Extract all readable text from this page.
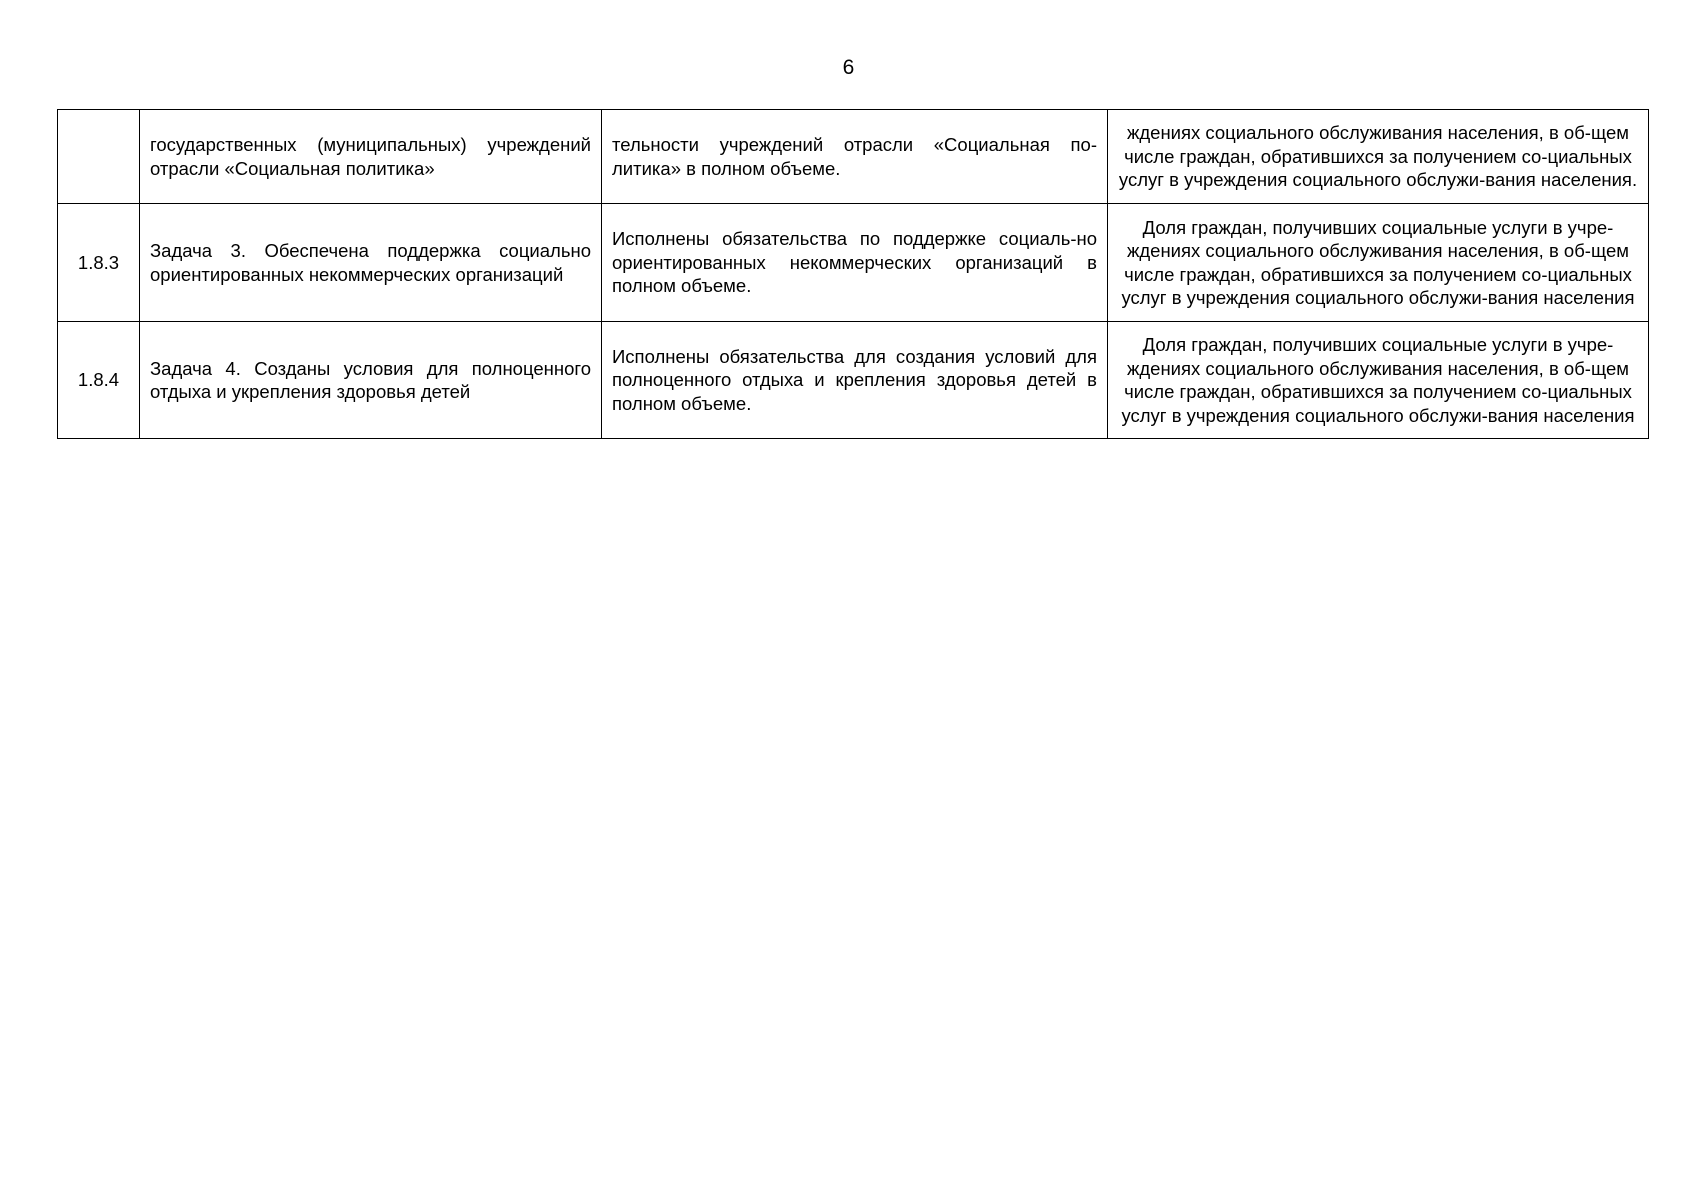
6
	государственных (муниципальных) учреждений отрасли «Социальная политика»	тельности учреждений отрасли «Социальная по-литика» в полном объеме.	ждениях социального обслуживания населения, в об-щем числе граждан, обратившихся за получением со-циальных услуг в учреждения социального обслужи-вания населения.
1.8.3	Задача 3. Обеспечена поддержка социально ориентированных некоммерческих организаций	Исполнены обязательства по поддержке социаль-но ориентированных некоммерческих организаций в полном объеме.	Доля граждан, получивших социальные услуги в учре-ждениях социального обслуживания населения, в об-щем числе граждан, обратившихся за получением со-циальных услуг в учреждения социального обслужи-вания населения
1.8.4	Задача 4. Созданы условия для полноценного отдыха и укрепления здоровья детей	Исполнены обязательства для создания условий для полноценного отдыха и крепления здоровья детей в полном объеме.	Доля граждан, получивших социальные услуги в учре-ждениях социального обслуживания населения, в об-щем числе граждан, обратившихся за получением со-циальных услуг в учреждения социального обслужи-вания населения
